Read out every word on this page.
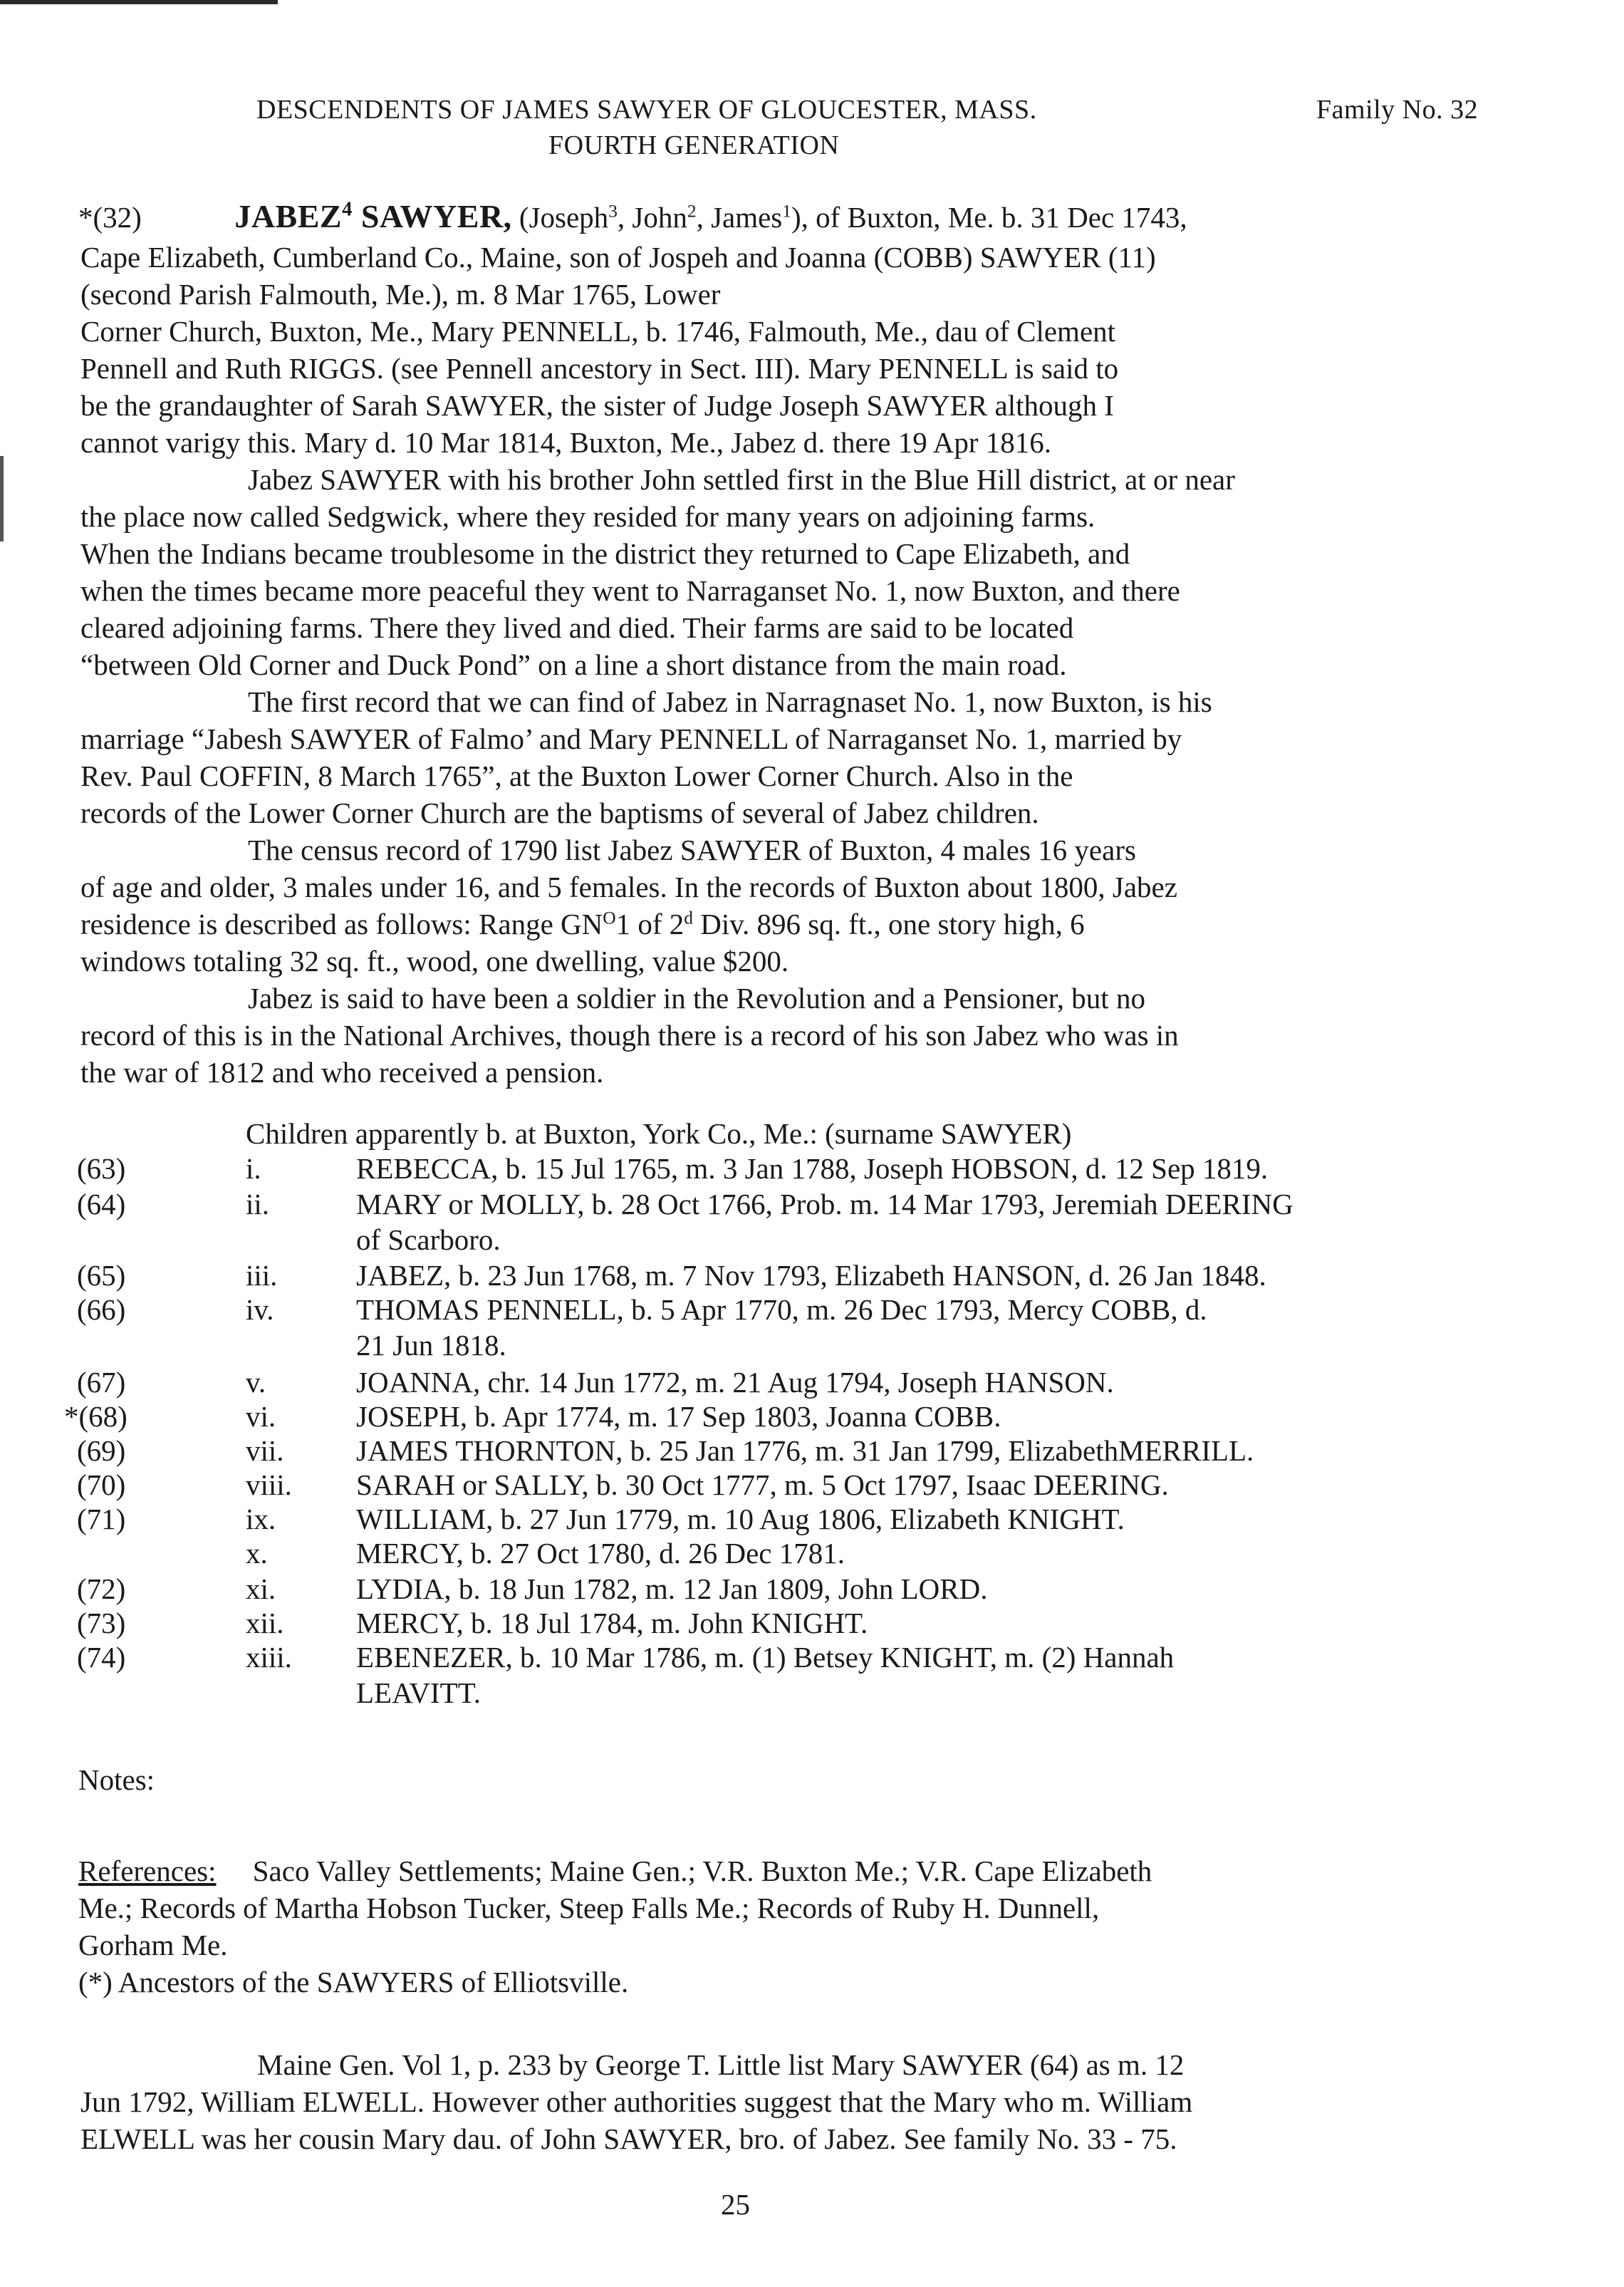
DESCENDENTS OF JAMES SAWYER OF GLOUCESTER, MASS.
FOURTH GENERATION
Family No. 32
*(32)	JABEZ$^4$ SAWYER, (Joseph$^3$, John$^2$, James$^1$), of Buxton, Me. b. 31 Dec 1743,
Cape Elizabeth, Cumberland Co., Maine, son of Jospeh and Joanna (COBB) SAWYER (11)
(second Parish Falmouth, Me.), m. 8 Mar 1765, Lower
Corner Church, Buxton, Me., Mary PENNELL, b. 1746, Falmouth, Me., dau of Clement
Pennell and Ruth RIGGS. (see Pennell ancestory in Sect. III). Mary PENNELL is said to
be the grandaughter of Sarah SAWYER, the sister of Judge Joseph SAWYER although I
cannot varigy this. Mary d. 10 Mar 1814, Buxton, Me., Jabez d. there 19 Apr 1816.
Jabez SAWYER with his brother John settled first in the Blue Hill district, at or near
the place now called Sedgwick, where they resided for many years on adjoining farms.
When the Indians became troublesome in the district they returned to Cape Elizabeth, and
when the times became more peaceful they went to Narraganset No. 1, now Buxton, and there
cleared adjoining farms. There they lived and died. Their farms are said to be located
“between Old Corner and Duck Pond” on a line a short distance from the main road.
The first record that we can find of Jabez in Narragnaset No. 1, now Buxton, is his
marriage “Jabesh SAWYER of Falmo’ and Mary PENNELL of Narraganset No. 1, married by
Rev. Paul COFFIN, 8 March 1765”, at the Buxton Lower Corner Church. Also in the
records of the Lower Corner Church are the baptisms of several of Jabez children.
The census record of 1790 list Jabez SAWYER of Buxton, 4 males 16 years
of age and older, 3 males under 16, and 5 females. In the records of Buxton about 1800, Jabez
residence is described as follows: Range $GN^O1$ of 2$^d$ Div. 896 sq. ft., one story high, 6
windows totaling 32 sq. ft., wood, one dwelling, value $200.
Jabez is said to have been a soldier in the Revolution and a Pensioner, but no
record of this is in the National Archives, though there is a record of his son Jabez who was in
the war of 1812 and who received a pension.
Children apparently b. at Buxton, York Co., Me.: (surname SAWYER)
(63)	i.	REBECCA, b. 15 Jul 1765, m. 3 Jan 1788, Joseph HOBSON, d. 12 Sep 1819.
(64)	ii.	MARY or MOLLY, b. 28 Oct 1766, Prob. m. 14 Mar 1793, Jeremiah DEERING
of Scarboro.
(65)	iii.	JABEZ, b. 23 Jun 1768, m. 7 Nov 1793, Elizabeth HANSON, d. 26 Jan 1848.
(66)	iv.	THOMAS PENNELL, b. 5 Apr 1770, m. 26 Dec 1793, Mercy COBB, d.
21 Jun 1818.
(67)	v.	JOANNA, chr. 14 Jun 1772, m. 21 Aug 1794, Joseph HANSON.
*(68)	vi.	JOSEPH, b. Apr 1774, m. 17 Sep 1803, Joanna COBB.
(69)	vii. JAMES THORNTON, b. 25 Jan 1776, m. 31 Jan 1799, ElizabethMERRILL.
(70)	viii. SARAH or SALLY, b. 30 Oct 1777, m. 5 Oct 1797, Isaac DEERING.
(71)	ix.	WILLIAM, b. 27 Jun 1779, m. 10 Aug 1806, Elizabeth KNIGHT.
x.	MERCY, b. 27 Oct 1780, d. 26 Dec 1781.
(72)	xi.	LYDIA, b. 18 Jun 1782, m. 12 Jan 1809, John LORD.
(73)	xii. MERCY, b. 18 Jul 1784, m. John KNIGHT.
(74)	xiii. EBENEZER, b. 10 Mar 1786, m. (1) Betsey KNIGHT, m. (2) Hannah
LEAVITT.
Notes:
References: Saco Valley Settlements; Maine Gen.; V.R. Buxton Me.; V.R. Cape Elizabeth
Me.; Records of Martha Hobson Tucker, Steep Falls Me.; Records of Ruby H. Dunnell,
Gorham Me.
(*) Ancestors of the SAWYERS of Elliotsville.
Maine Gen. Vol 1, p. 233 by George T. Little list Mary SAWYER (64) as m. 12
Jun 1792, William ELWELL. However other authorities suggest that the Mary who m. William
ELWELL was her cousin Mary dau. of John SAWYER, bro. of Jabez. See family No. 33 - 75.
25
